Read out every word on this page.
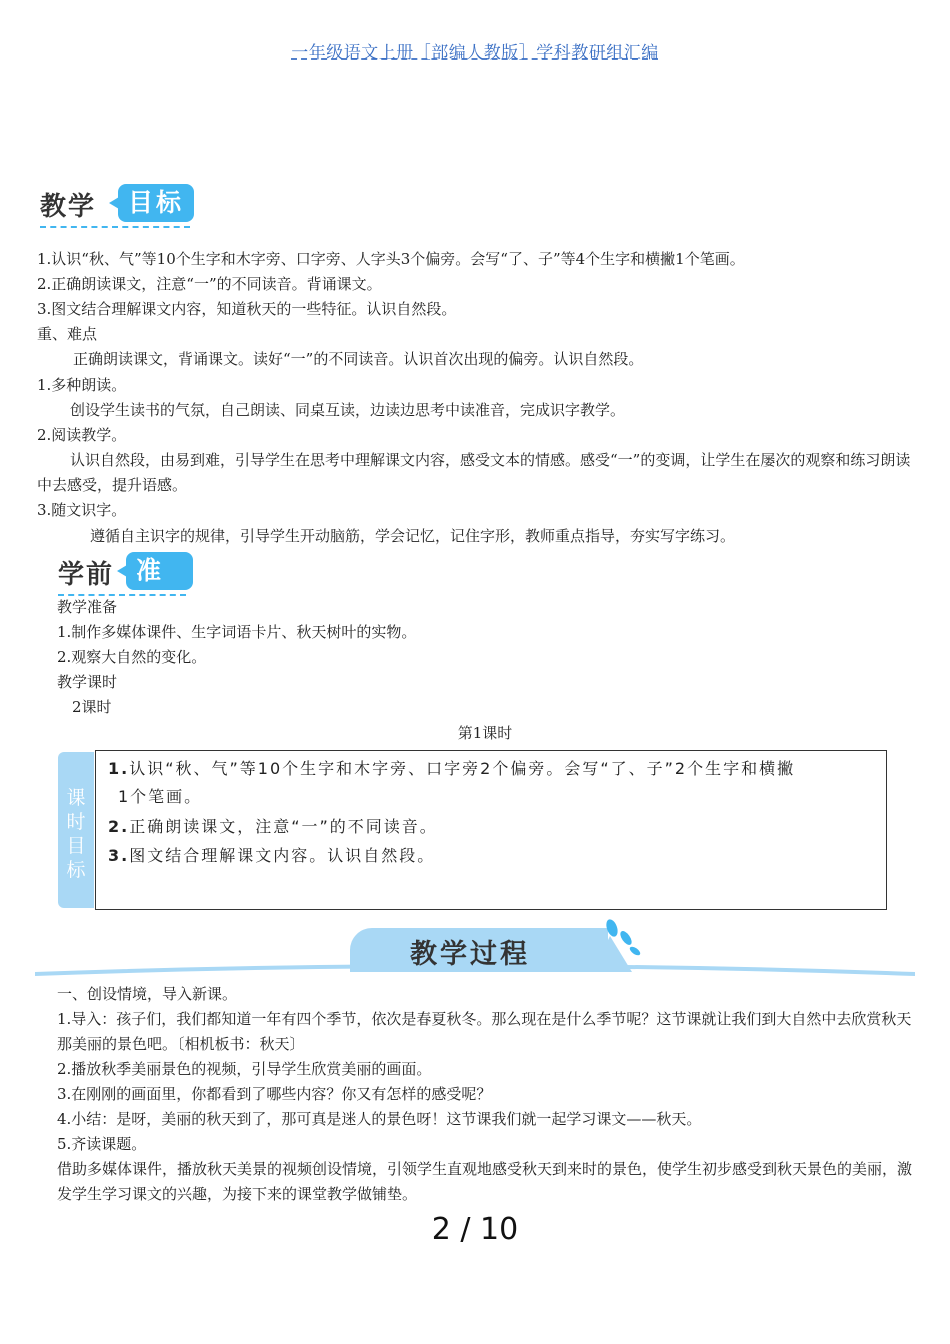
一年级语文上册［部编人教版］学科教研组汇编
教学	目标
1.认识“秋、气”等10个生字和木字旁、口字旁、人字头3个偏旁。会写“了、子”等4个生字和横撇1个笔画。
2.正确朗读课文，注意“一”的不同读音。背诵课文。
3.图文结合理解课文内容，知道秋天的一些特征。认识自然段。
重、难点
正确朗读课文，背诵课文。读好“一”的不同读音。认识首次出现的偏旁。认识自然段。
1.多种朗读。
创设学生读书的气氛，自己朗读、同桌互读，边读边思考中读准音，完成识字教学。
2.阅读教学。
认识自然段，由易到难，引导学生在思考中理解课文内容，感受文本的情感。感受“一”的变调，让学生在屡次的观察和练习朗读中去感受，提升语感。
3.随文识字。
遵循自主识字的规律，引导学生开动脑筋，学会记忆，记住字形，教师重点指导，夯实写字练习。
学前 准备
教学准备
1.制作多媒体课件、生字词语卡片、秋天树叶的实物。
2.观察大自然的变化。
教学课时
2课时
第1课时
课时目标
1.认识“秋、气”等10个生字和木字旁、口字旁2个偏旁。会写“了、子”2个生字和横撇
1个笔画。
2.正确朗读课文，注意“一”的不同读音。
3.图文结合理解课文内容。认识自然段。
教学过程
一、创设情境，导入新课。
1.导入：孩子们，我们都知道一年有四个季节，依次是春夏秋冬。那么现在是什么季节呢？这节课就让我们到大自然中去欣赏秋天那美丽的景色吧。〔相机板书：秋天〕
2.播放秋季美丽景色的视频，引导学生欣赏美丽的画面。
3.在刚刚的画面里，你都看到了哪些内容？你又有怎样的感受呢？
4.小结：是呀，美丽的秋天到了，那可真是迷人的景色呀！这节课我们就一起学习课文——秋天。
5.齐读课题。
借助多媒体课件，播放秋天美景的视频创设情境，引领学生直观地感受秋天到来时的景色，使学生初步感受到秋天景色的美丽，激发学生学习课文的兴趣，为接下来的课堂教学做铺垫。
2 / 10
